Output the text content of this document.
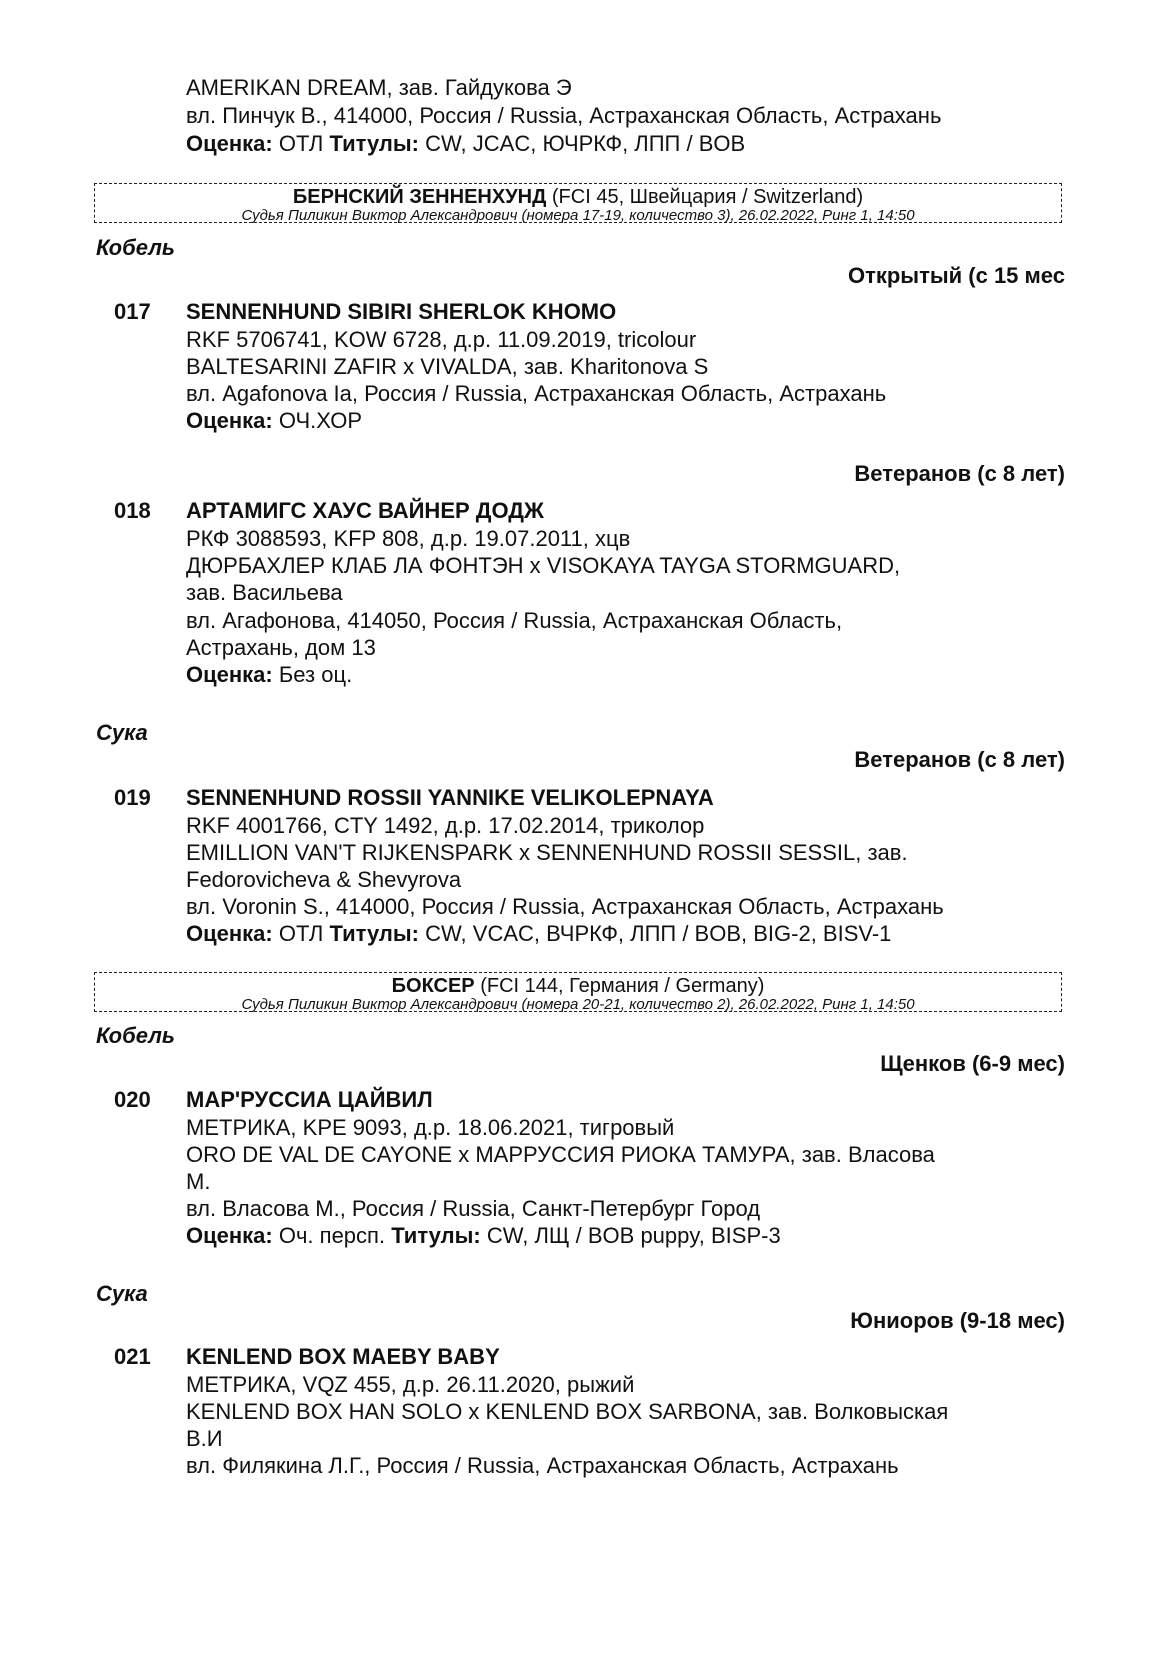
AMERIKAN DREAM, зав. Гайдукова Э
вл. Пинчук В., 414000, Россия / Russia, Астраханская Область, Астрахань
Оценка: ОТЛ Титулы: CW, JCAC, ЮЧРКФ, ЛПП / BOB
БЕРНСКИЙ ЗЕННЕНХУНД (FCI 45, Швейцария / Switzerland)
Судья Пиликин Виктор Александрович (номера 17-19, количество 3), 26.02.2022, Ринг 1, 14:50
Кобель
Открытый (с 15 мес
017 SENNENHUND SIBIRI SHERLOK KHOMO
RKF 5706741, KOW 6728, д.р. 11.09.2019, tricolour
BALTESARINI ZAFIR x VIVALDA, зав. Kharitonova S
вл. Agafonova Ia, Россия / Russia, Астраханская Область, Астрахань
Оценка: ОЧ.ХОР
Ветеранов (с 8 лет)
018 АРТАМИГС ХАУС ВАЙНЕР ДОДЖ
РКФ 3088593, KFP 808, д.р. 19.07.2011, хцв
ДЮРБАХЛЕР КЛАБ ЛА ФОНТЭН x VISOKAYA TAYGA STORMGUARD,
зав. Васильева
вл. Агафонова, 414050, Россия / Russia, Астраханская Область,
Астрахань, дом 13
Оценка: Без оц.
Сука
Ветеранов (с 8 лет)
019 SENNENHUND ROSSII YANNIKE VELIKOLEPNAYA
RKF 4001766, CTY 1492, д.р. 17.02.2014, триколор
EMILLION VAN'T RIJKENSPARK x SENNENHUND ROSSII SESSIL, зав.
Fedorovicheva & Shevyrova
вл. Voronin S., 414000, Россия / Russia, Астраханская Область, Астрахань
Оценка: ОТЛ Титулы: CW, VCAC, ВЧРКФ, ЛПП / BOB, BIG-2, BISV-1
БОКСЕР (FCI 144, Германия / Germany)
Судья Пиликин Виктор Александрович (номера 20-21, количество 2), 26.02.2022, Ринг 1, 14:50
Кобель
Щенков (6-9 мес)
020 МАР'РУССИА ЦАЙВИЛ
МЕТРИКА, KPE 9093, д.р. 18.06.2021, тигровый
ORO DE VAL DE CAYONE x МАРРУССИЯ РИОКА ТАМУРА, зав. Власова
М.
вл. Власова М., Россия / Russia, Санкт-Петербург Город
Оценка: Оч. персп. Титулы: CW, ЛЩ / BOB puppy, BISP-3
Сука
Юниоров (9-18 мес)
021 KENLEND BOX MAEBY BABY
МЕТРИКА, VQZ 455, д.р. 26.11.2020, рыжий
KENLEND BOX HAN SOLO x KENLEND BOX SARBONA, зав. Волковыская
В.И
вл. Филякина Л.Г., Россия / Russia, Астраханская Область, Астрахань
